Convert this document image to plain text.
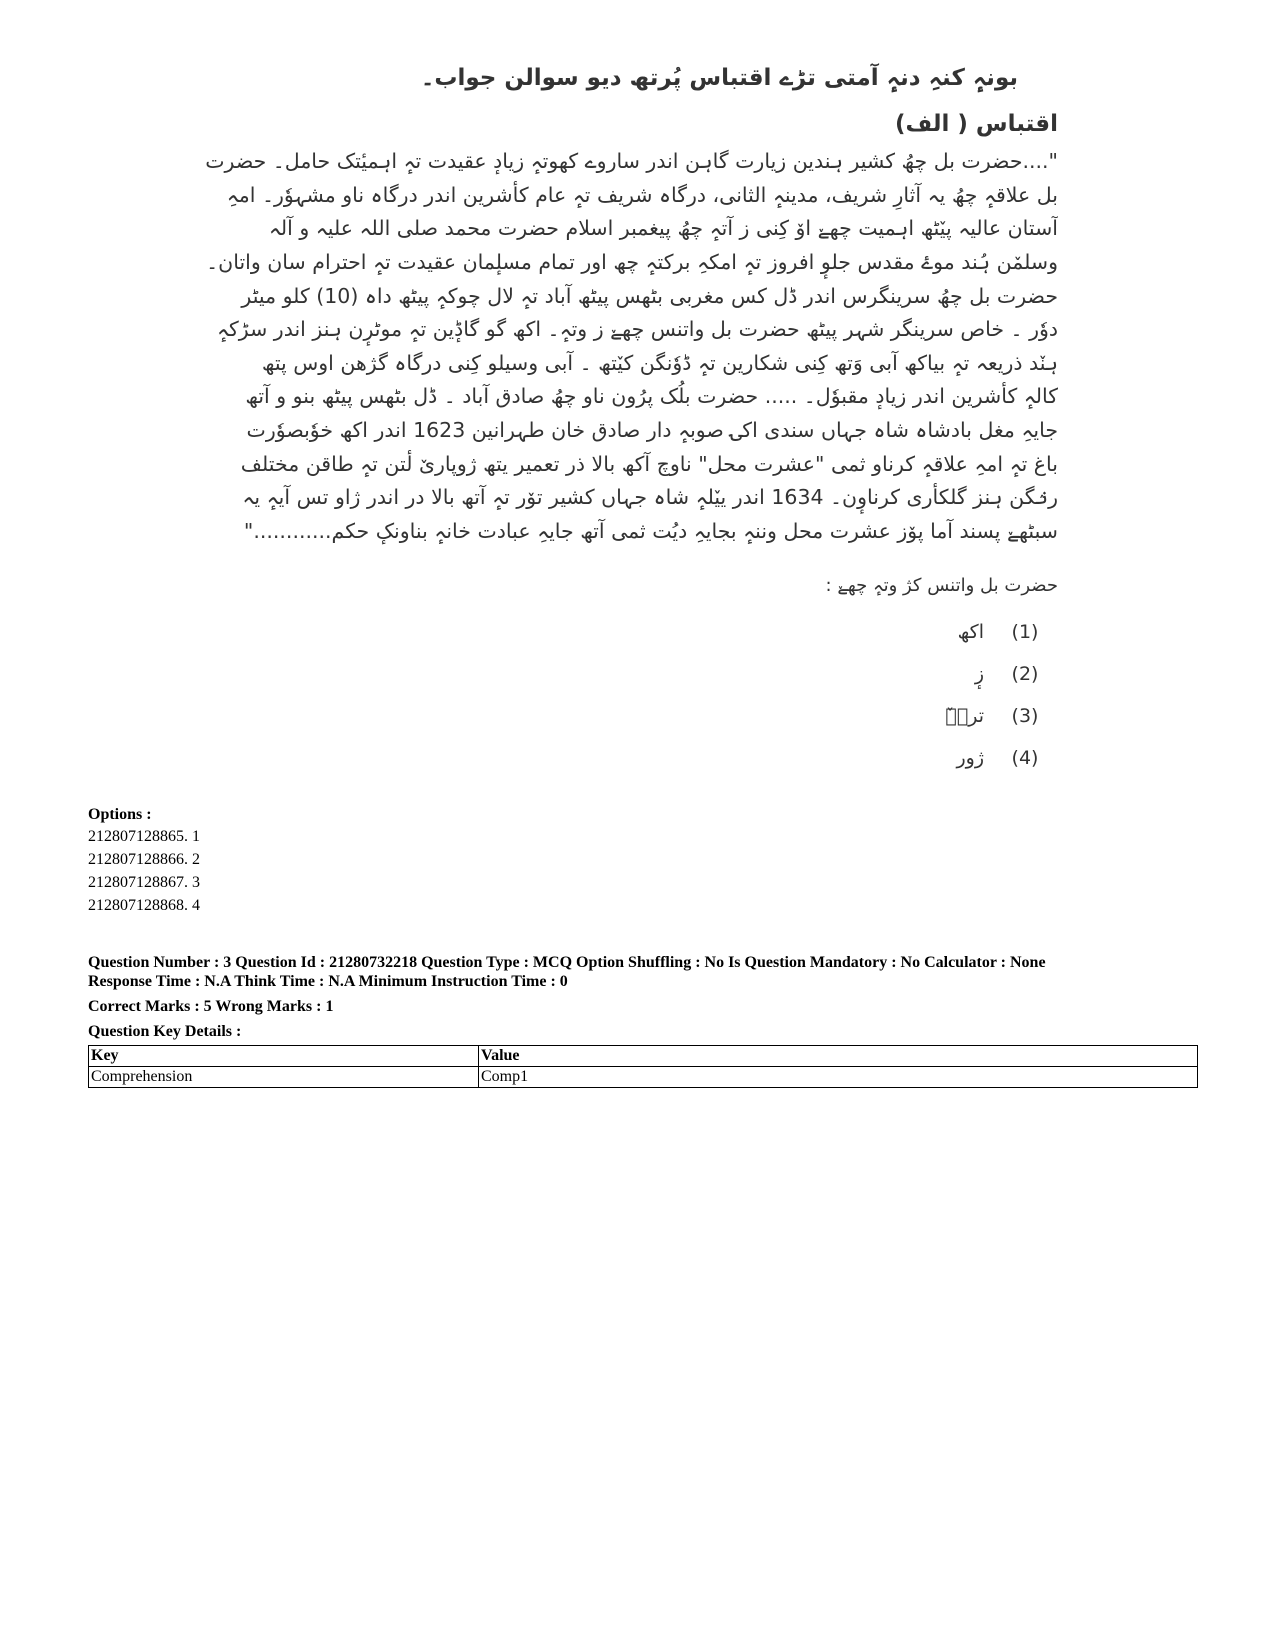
بونہٕ کنہِ دنہٕ آمتی تڑے اقتباس پُرتھ دیو سوالن جواب۔

اقتباس ( الف)

"....حضرت بل چھُ کشیر ہندین زیارت گاہن اندر ساروے کھوتہٕ زیادٕ عقیدت تہٕ اہمیٔتک حامل۔ حضرت

بل علاقہٕ چھُ یہ آثارِ شریف، مدینہٕ الثانی، درگاہ شریف تہٕ عام کأشرین اندر درگاہ ناو مشہوٗر۔ امہِ

آستان عالیہ پیٚٹھ اہمیت چھےٚ اوٚ کِنی ز آتہٕ چھُ پیغمبر اسلام حضرت محمد صلی اللہ علیہ و آلہ

وسلمٚن ہُند موۓ مقدس جلوٕ افروز تہٕ امکہِ برکتہٕ چھ اور تمام مسلٕمان عقیدت تہٕ احترام سان واتان۔

حضرت بل چھُ سرینگرس اندر ڈل کس مغربی بٹھس پیٹھ آباد تہٕ لال چوکہٕ پیٹھ داہ (10) کلو میٹر

دوٗر ۔ خاص سرینگر شہر پیٹھ حضرت بل واتنس چھےٚ ز وتہٕ۔ اکھ گو گاڈٕین تہٕ موٹرٕن ہنز اندر سڑکہٕ

ہنٚد ذریعہ تہٕ بیاکھ آبی وَتھ کِنی شکارین تہٕ ڈوٗنگن کیٚتھ ۔ آبی وسیلو کِنی درگاہ گژھن اوس پتھ

کالہٕ کأشرین اندر زیادٕ مقبوٗل۔ ..... حضرت بلُک پرُون ناو چھُ صادق آباد ۔ ڈل بٹھس پیٹھ بنو و آتھ

جایہِ مغل بادشاہ شاہ جہاں سندی اکۍ صوبہٕ دار صادق خان طہرانین 1623 اندر اکھ خوٗبصوٗرت

باغ تہٕ امہِ علاقہٕ کرناو ثمی "عشرت محل" ناوچ آکھ بالا ذر تعمیر یتھ ژوپاریٚ لٔتن تہٕ طاقن مختلف

رنٛگن ہنز گلکأری کرناوٕن۔ 1634 اندر ییٚلہٕ شاہ جہاں کشیر توٚر تہٕ آتھ بالا در اندر ژاو تس آیہٕ یہ

سبٹھےٚ پسند آما پوٚز عشرت محل وننہٕ بجایہِ دیُت ثمی آتھ جایہِ عبادت خانہٕ بناونکٕ حکم............"

حضرت بل واتنس کژ وتہٕ چھےٚ :

(1)
اکھ
(2)
زٕ
(3)
ترٛےٚ
(4)
ژور

Options :

212807128865. 1

212807128866. 2

212807128867. 3

212807128868. 4

Question Number : 3 Question Id : 21280732218 Question Type : MCQ Option Shuffling : No Is Question Mandatory : No Calculator : None
Response Time : N.A Think Time : N.A Minimum Instruction Time : 0

Correct Marks : 5 Wrong Marks : 1

Question Key Details :

Key	Value
Comprehension	Comp1
